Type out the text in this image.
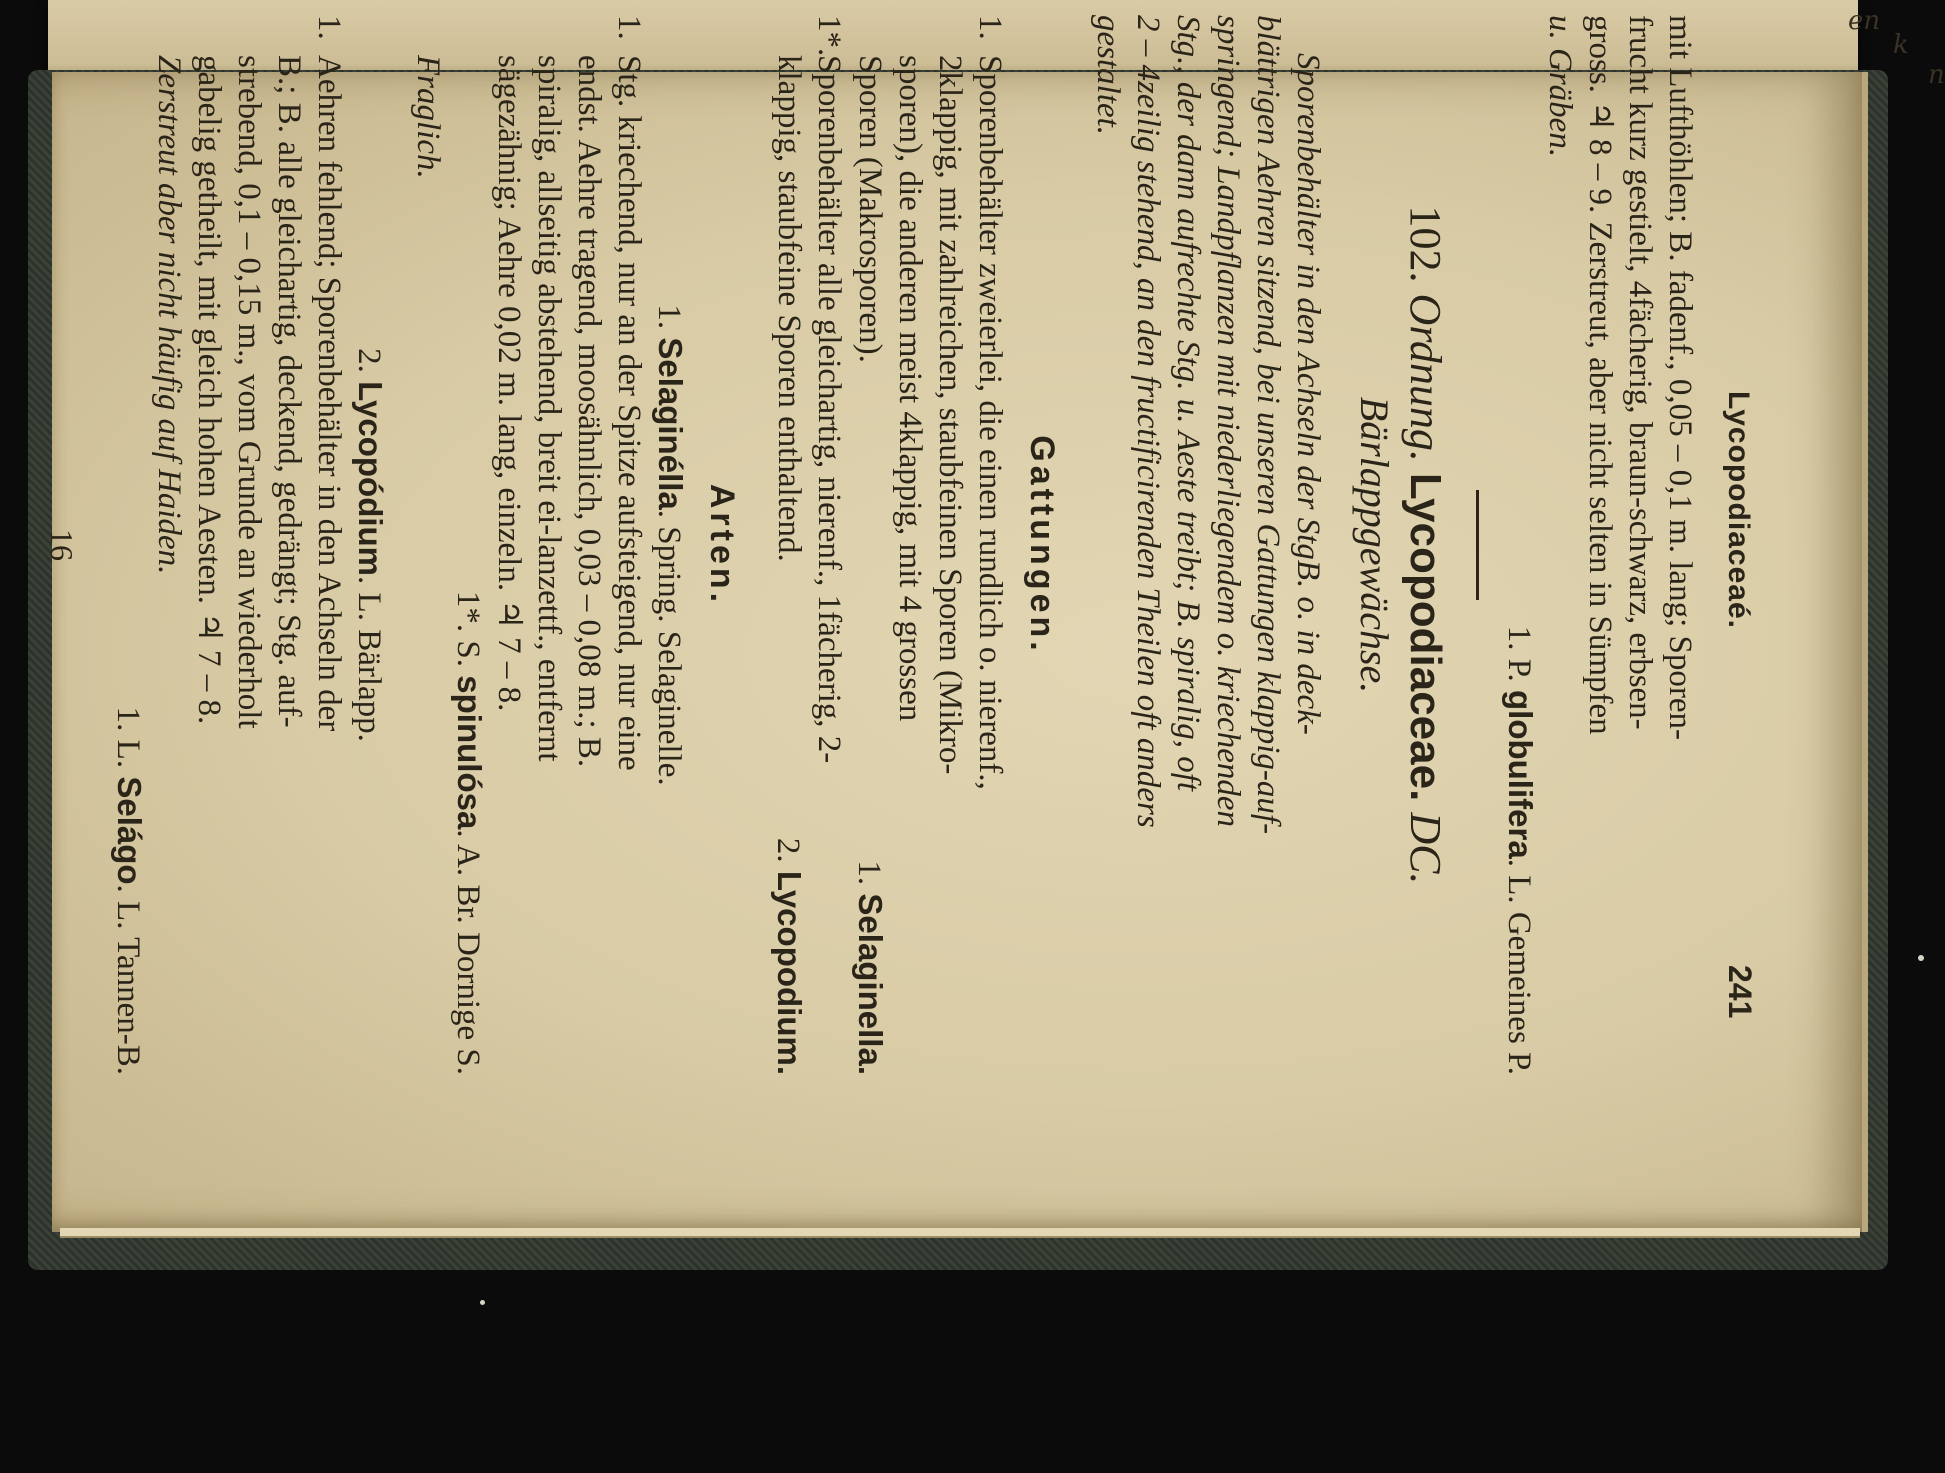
en
k
n
Lycopodiaceaé.
241

mit Lufthöhlen; B. fadenf., 0,05 – 0,1 m. lang; Sporen-

frucht kurz gestielt, 4fächerig, braun-schwarz, erbsen-

gross. ♃ 8 – 9. Zerstreut, aber nicht selten in Sümpfen

u. Gräben.

1. P. globulifera. L. Gemeines P.

102. Ordnung. Lycopodiaceae. DC.
Bärlappgewächse.

Sporenbehälter in den Achseln der StgB. o. in deck-

blättrigen Aehren sitzend, bei unseren Gattungen klappig-auf-

springend; Landpflanzen mit niederliegendem o. kriechenden

Stg., der dann aufrechte Stg. u. Aeste treibt; B. spiralig, oft

2 – 4zeilig stehend, an den fructificirenden Theilen oft anders

gestaltet.

Gattungen.

1.Sporenbehälter zweierlei, die einen rundlich o. nierenf.,

2klappig, mit zahlreichen, staubfeinen Sporen (Mikro-

sporen), die anderen meist 4klappig, mit 4 grossen

Sporen (Makrosporen).
1. Selaginella.

1*.Sporenbehälter alle gleichartig, nierenf., 1fächerig, 2-

klappig, staubfeine Sporen enthaltend.
2. Lycopodium.

Arten.

1. Selaginélla. Spring. Selaginelle.

1.Stg. kriechend, nur an der Spitze aufsteigend, nur eine

endst. Aehre tragend, moosähnlich, 0,03 – 0,08 m.; B.

spiralig, allseitig abstehend, breit ei-lanzettf., entfernt

sägezähnig; Aehre 0,02 m. lang, einzeln. ♃ 7 – 8.

1*. S. spinulósa. A. Br. Dornige S.

Fraglich.

2. Lycopódium. L. Bärlapp.

1.Aehren fehlend; Sporenbehälter in den Achseln der

B.; B. alle gleichartig, deckend, gedrängt; Stg. auf-

strebend, 0,1 – 0,15 m., vom Grunde an wiederholt

gabelig getheilt, mit gleich hohen Aesten. ♃ 7 – 8.

Zerstreut aber nicht häufig auf Haiden.

1. L. Selágo. L. Tannen-B.

16
